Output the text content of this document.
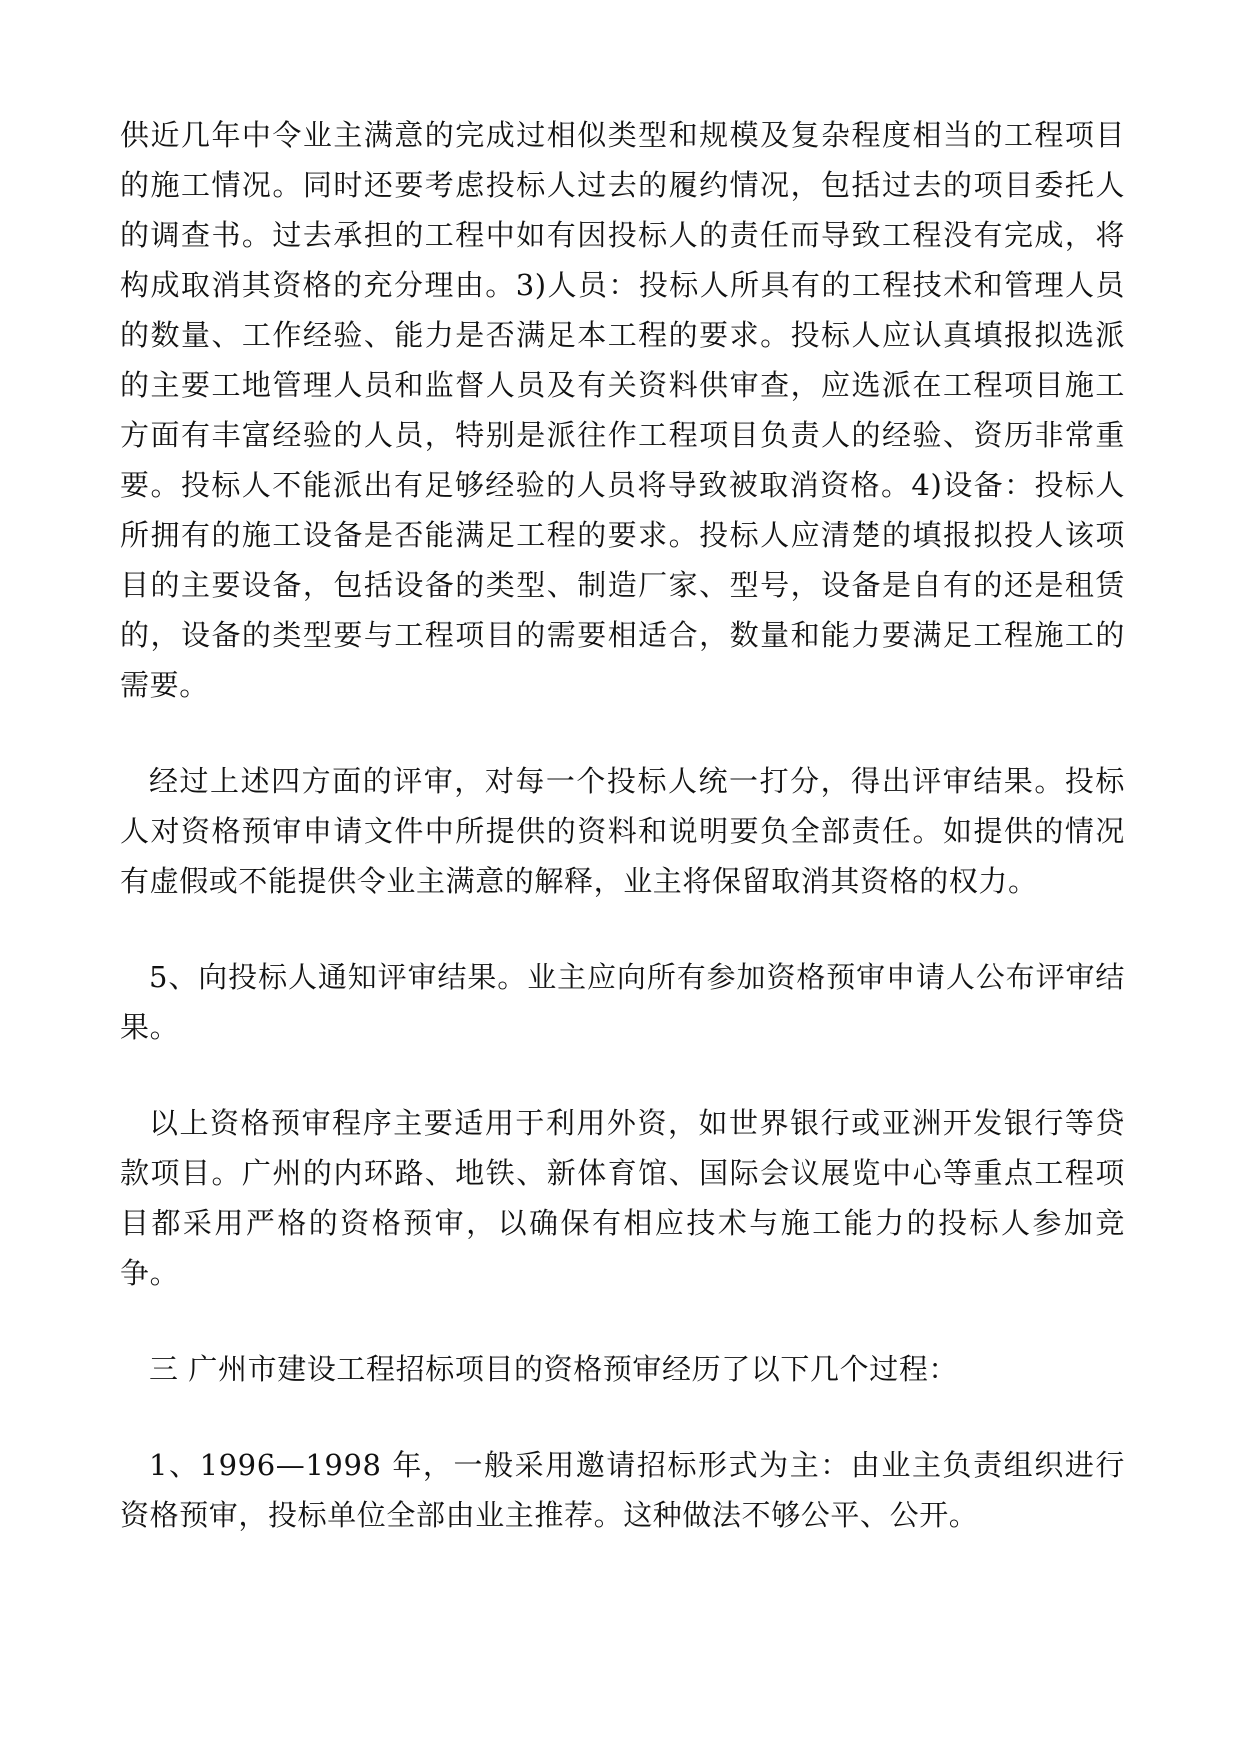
供近几年中令业主满意的完成过相似类型和规模及复杂程度相当的工程项目的施工情况。同时还要考虑投标人过去的履约情况，包括过去的项目委托人的调查书。过去承担的工程中如有因投标人的责任而导致工程没有完成，将构成取消其资格的充分理由。3)人员：投标人所具有的工程技术和管理人员的数量、工作经验、能力是否满足本工程的要求。投标人应认真填报拟选派的主要工地管理人员和监督人员及有关资料供审查，应选派在工程项目施工方面有丰富经验的人员，特别是派往作工程项目负责人的经验、资历非常重要。投标人不能派出有足够经验的人员将导致被取消资格。4)设备：投标人所拥有的施工设备是否能满足工程的要求。投标人应清楚的填报拟投人该项目的主要设备，包括设备的类型、制造厂家、型号，设备是自有的还是租赁的，设备的类型要与工程项目的需要相适合，数量和能力要满足工程施工的需要。

经过上述四方面的评审，对每一个投标人统一打分，得出评审结果。投标人对资格预审申请文件中所提供的资料和说明要负全部责任。如提供的情况有虚假或不能提供令业主满意的解释，业主将保留取消其资格的权力。

5、向投标人通知评审结果。业主应向所有参加资格预审申请人公布评审结果。

以上资格预审程序主要适用于利用外资，如世界银行或亚洲开发银行等贷款项目。广州的内环路、地铁、新体育馆、国际会议展览中心等重点工程项目都采用严格的资格预审，以确保有相应技术与施工能力的投标人参加竞争。

三 广州市建设工程招标项目的资格预审经历了以下几个过程：

1、1996—1998 年，一般采用邀请招标形式为主：由业主负责组织进行资格预审，投标单位全部由业主推荐。这种做法不够公平、公开。
